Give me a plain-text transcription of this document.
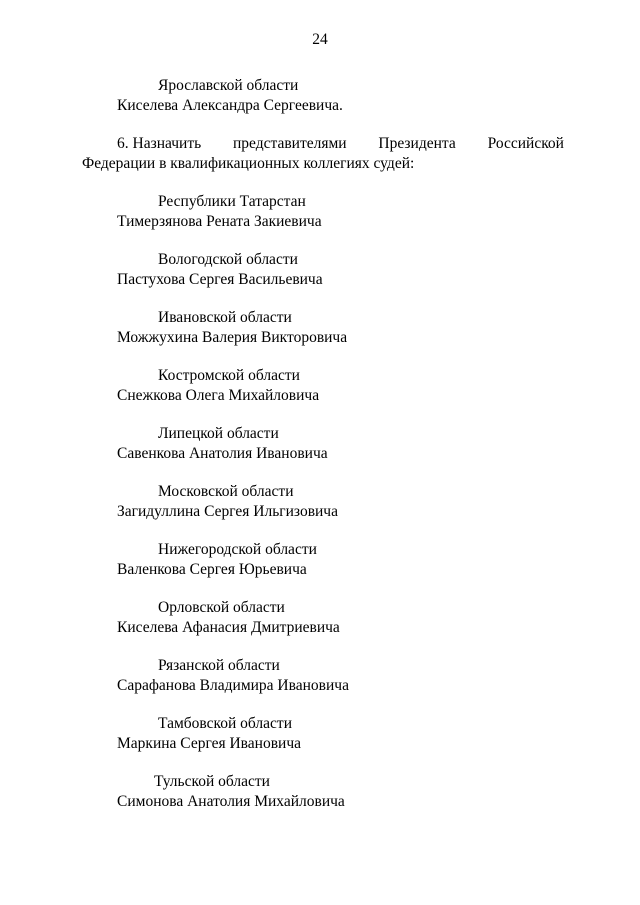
24
Ярославской области
Киселева Александра Сергеевича.
6. Назначить представителями Президента Российской
Федерации в квалификационных коллегиях судей:
Республики Татарстан
Тимерзянова Рената Закиевича
Вологодской области
Пастухова Сергея Васильевича
Ивановской области
Можжухина Валерия Викторовича
Костромской области
Снежкова Олега Михайловича
Липецкой области
Савенкова Анатолия Ивановича
Московской области
Загидуллина Сергея Ильгизовича
Нижегородской области
Валенкова Сергея Юрьевича
Орловской области
Киселева Афанасия Дмитриевича
Рязанской области
Сарафанова Владимира Ивановича
Тамбовской области
Маркина Сергея Ивановича
Тульской области
Симонова Анатолия Михайловича
